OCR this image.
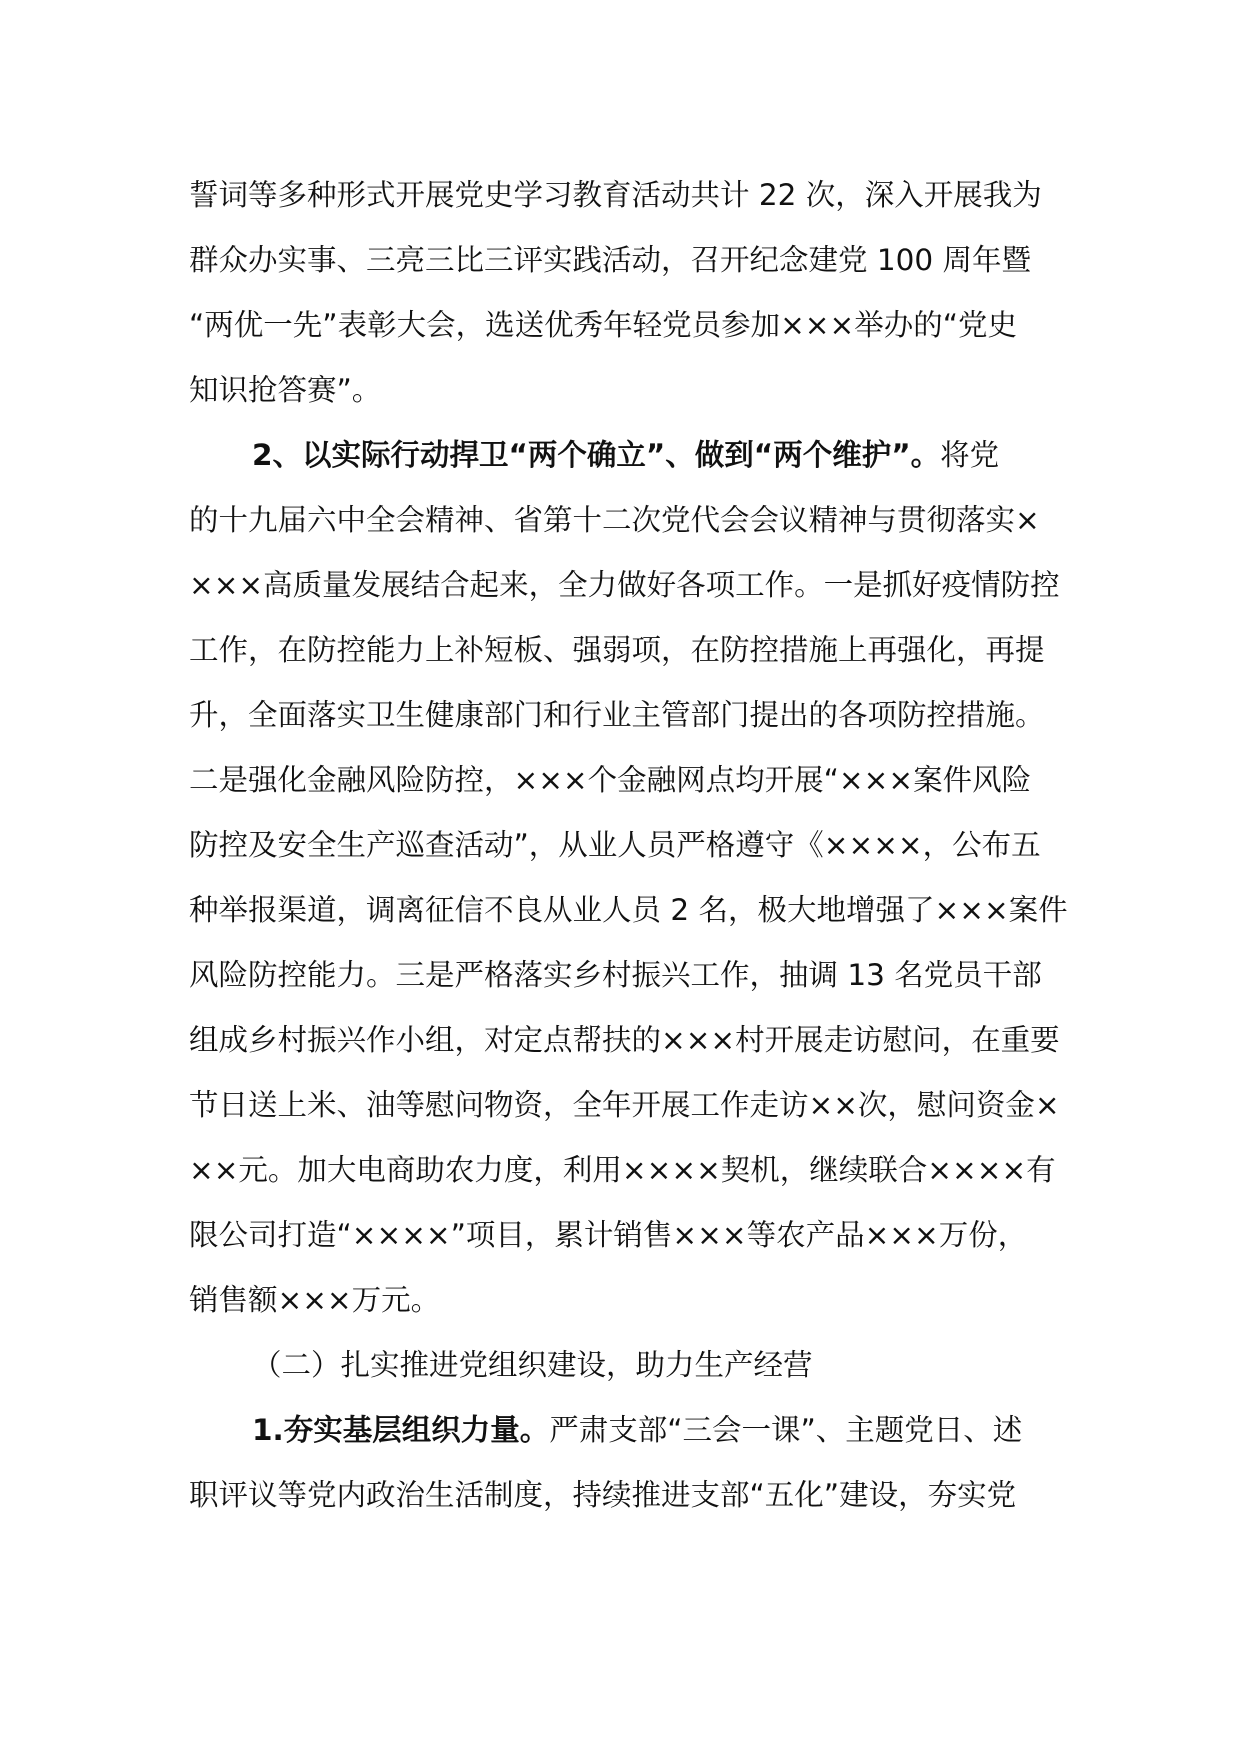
誓词等多种形式开展党史学习教育活动共计 22 次，深入开展我为
群众办实事、三亮三比三评实践活动，召开纪念建党 100 周年暨
“两优一先”表彰大会，选送优秀年轻党员参加×××举办的“党史
知识抢答赛”。
2、以实际行动捍卫“两个确立”、做到“两个维护”。将党
的十九届六中全会精神、省第十二次党代会会议精神与贯彻落实×
×××高质量发展结合起来，全力做好各项工作。一是抓好疫情防控
工作，在防控能力上补短板、强弱项，在防控措施上再强化，再提
升，全面落实卫生健康部门和行业主管部门提出的各项防控措施。
二是强化金融风险防控，×××个金融网点均开展“×××案件风险
防控及安全生产巡查活动”，从业人员严格遵守《××××，公布五
种举报渠道，调离征信不良从业人员 2 名，极大地增强了×××案件
风险防控能力。三是严格落实乡村振兴工作，抽调 13 名党员干部
组成乡村振兴作小组，对定点帮扶的×××村开展走访慰问，在重要
节日送上米、油等慰问物资，全年开展工作走访××次，慰问资金×
××元。加大电商助农力度，利用××××契机，继续联合××××有
限公司打造“××××”项目，累计销售×××等农产品×××万份，
销售额×××万元。
（二）扎实推进党组织建设，助力生产经营
1.夯实基层组织力量。严肃支部“三会一课”、主题党日、述
职评议等党内政治生活制度，持续推进支部“五化”建设，夯实党
